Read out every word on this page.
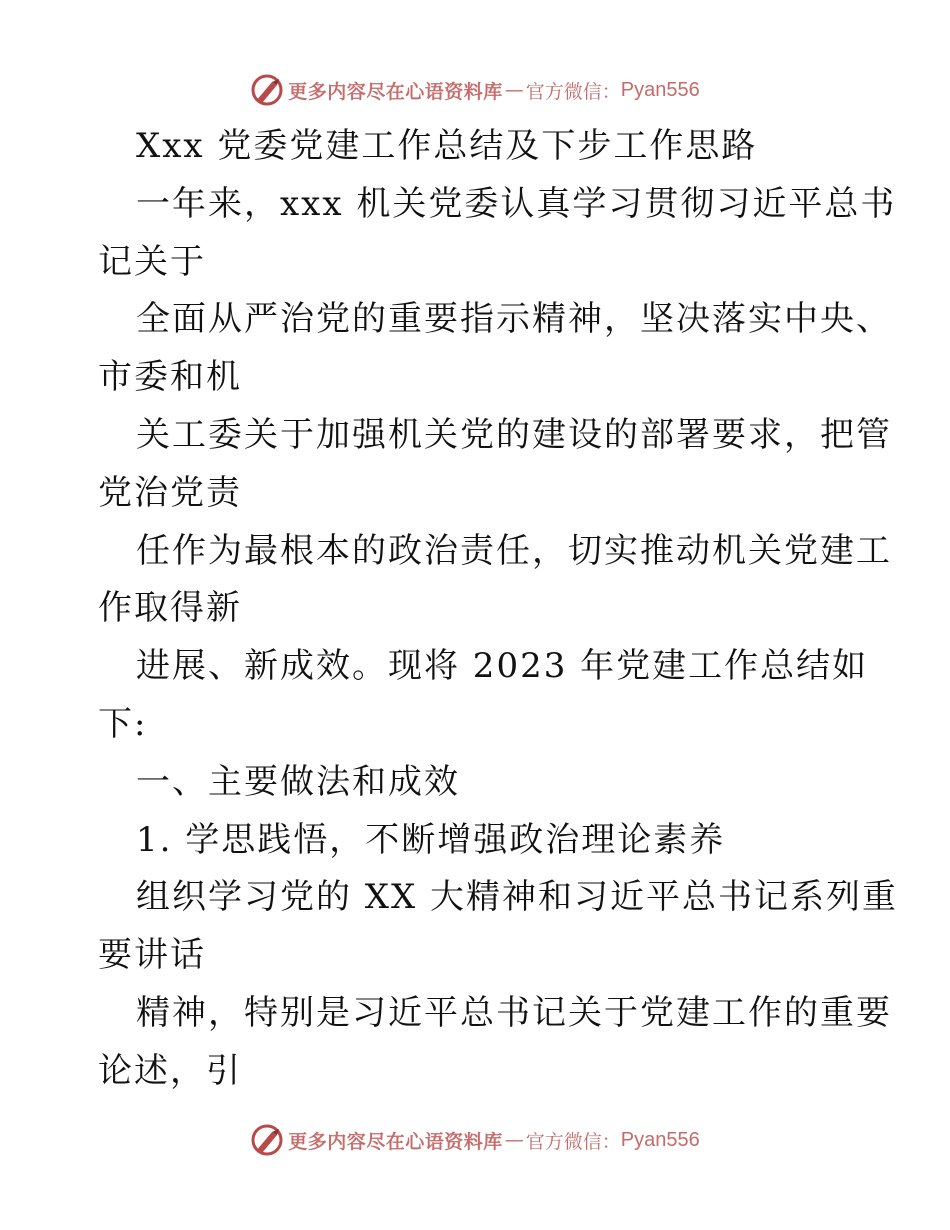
更多内容尽在心语资料库 — 官方微信： Pyan556
Xxx 党委党建工作总结及下步工作思路
一年来，xxx 机关党委认真学习贯彻习近平总书
记关于
全面从严治党的重要指示精神，坚决落实中央、
市委和机
关工委关于加强机关党的建设的部署要求，把管
党治党责
任作为最根本的政治责任，切实推动机关党建工
作取得新
进展、新成效。现将 2023 年党建工作总结如
下:
一、主要做法和成效
1. 学思践悟，不断增强政治理论素养
组织学习党的 XX 大精神和习近平总书记系列重
要讲话
精神，特别是习近平总书记关于党建工作的重要
论述，引
更多内容尽在心语资料库 — 官方微信： Pyan556
